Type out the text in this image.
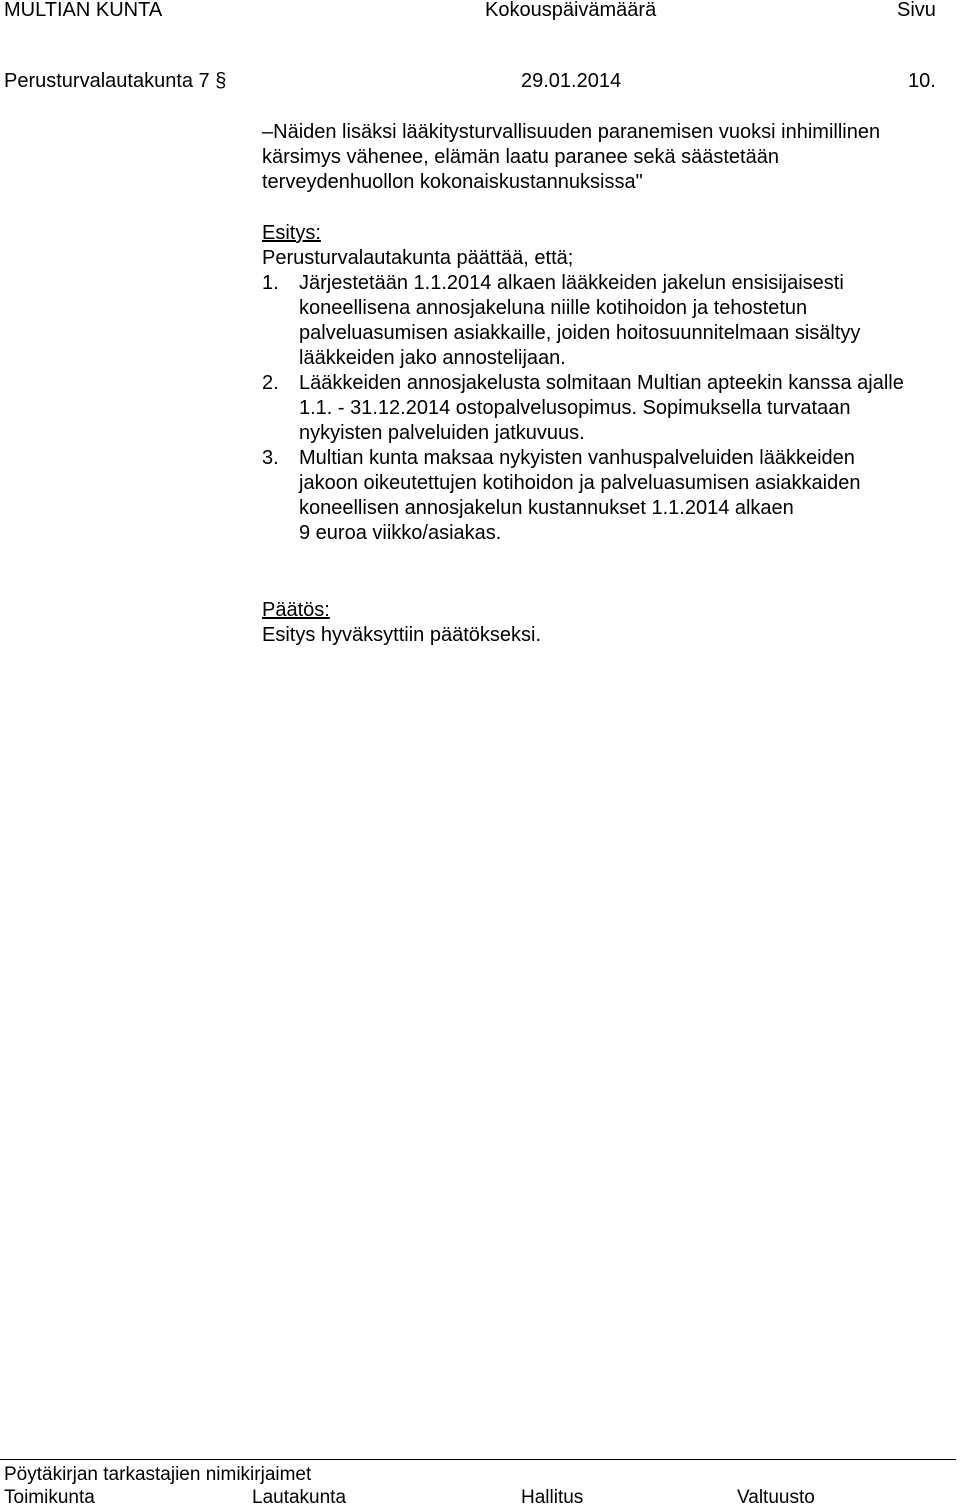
MULTIAN KUNTA	Kokouspäivämäärä	Sivu
Perusturvalautakunta 7 §	29.01.2014	10.
–Näiden lisäksi lääkitysturvallisuuden paranemisen vuoksi inhimillinen
kärsimys vähenee, elämän laatu paranee sekä säästetään
terveydenhuollon kokonaiskustannuksissa"
Esitys:
Perusturvalautakunta päättää, että;
1. Järjestetään 1.1.2014 alkaen lääkkeiden jakelun ensisijaisesti
koneellisena annosjakeluna niille kotihoidon ja tehostetun
palveluasumisen asiakkaille, joiden hoitosuunnitelmaan sisältyy
lääkkeiden jako annostelijaan.
2. Lääkkeiden annosjakelusta solmitaan Multian apteekin kanssa ajalle
1.1. - 31.12.2014 ostopalvelusopimus. Sopimuksella turvataan
nykyisten palveluiden jatkuvuus.
3. Multian kunta maksaa nykyisten vanhuspalveluiden lääkkeiden
jakoon oikeutettujen kotihoidon ja palveluasumisen asiakkaiden
koneellisen annosjakelun kustannukset 1.1.2014 alkaen
9 euroa viikko/asiakas.
Päätös:
Esitys hyväksyttiin päätökseksi.
Pöytäkirjan tarkastajien nimikirjaimet
Toimikunta	Lautakunta	Hallitus	Valtuusto
